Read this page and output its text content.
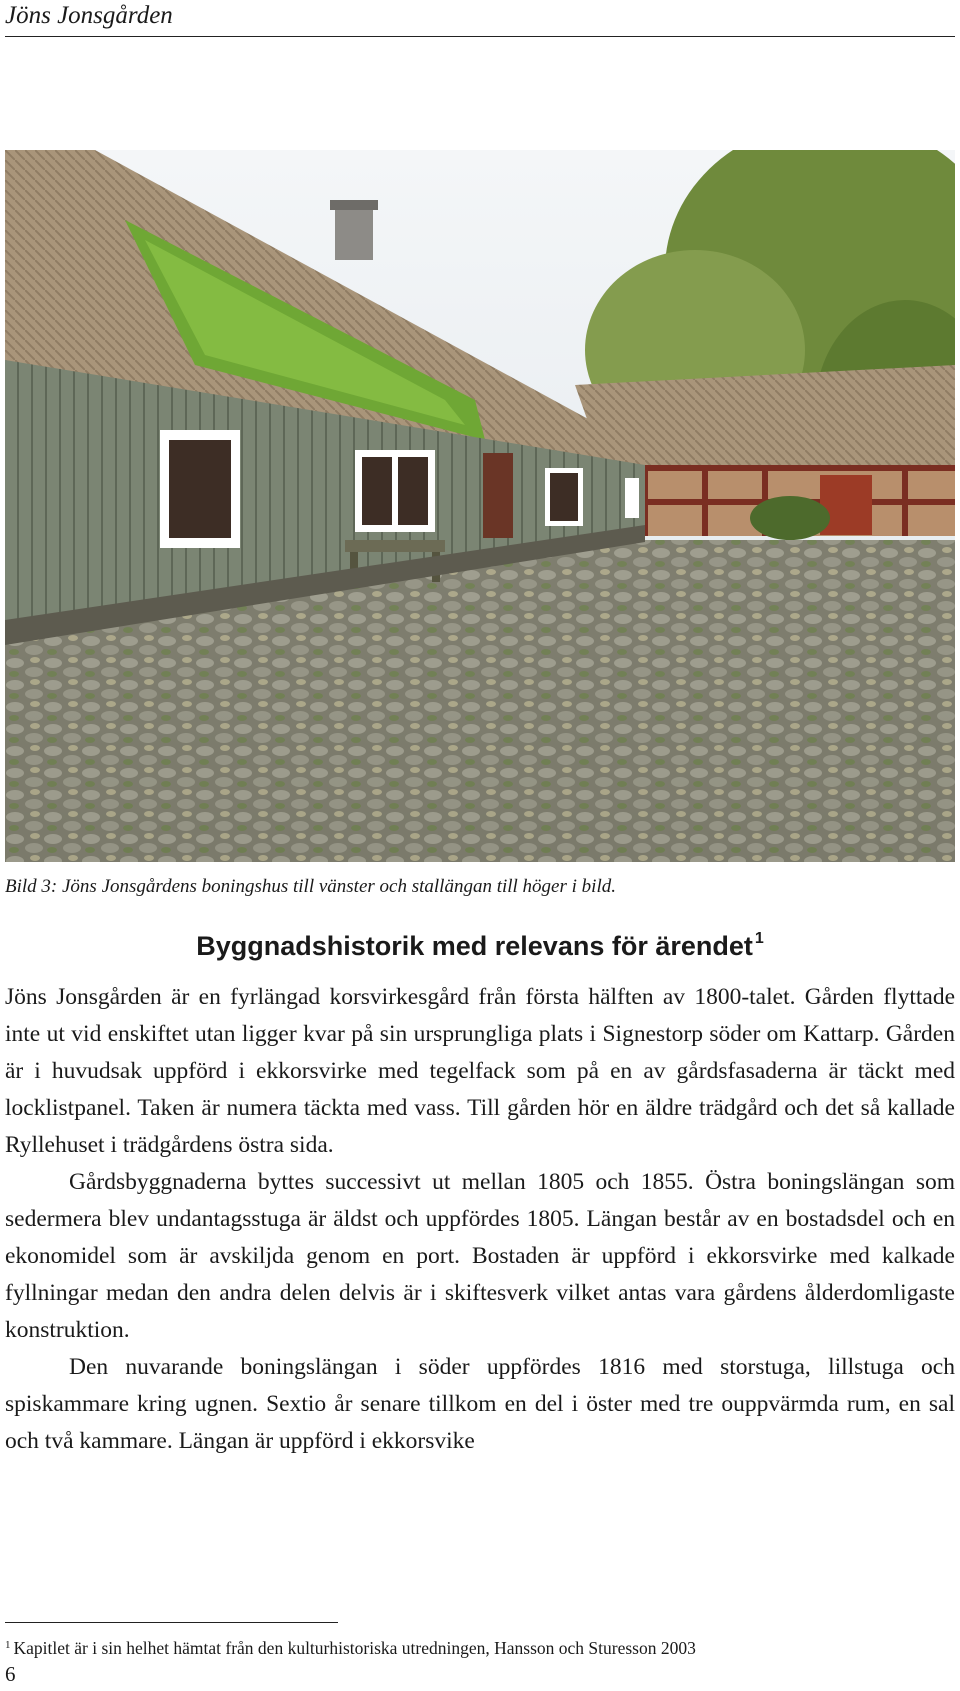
Jöns Jonsgården
Bild 3: Jöns Jonsgårdens boningshus till vänster och stallängan till höger i bild.
Byggnadshistorik med relevans för ärendet $^1$

Jöns Jonsgården är en fyrlängad korsvirkesgård från första hälften av 1800-talet. Gården flyttade inte ut vid enskiftet utan ligger kvar på sin ursprungliga plats i Signestorp söder om Kattarp. Gården är i huvudsak uppförd i ekkorsvirke med tegelfack som på en av gårdsfasaderna är täckt med locklistpanel. Taken är numera täckta med vass. Till gården hör en äldre trädgård och det så kallade Ryllehuset i trädgårdens östra sida.

Gårdsbyggnaderna byttes successivt ut mellan 1805 och 1855. Östra boningslängan som sedermera blev undantagsstuga är äldst och uppfördes 1805. Längan består av en bostadsdel och en ekonomidel som är avskiljda genom en port. Bostaden är uppförd i ekkorsvirke med kalkade fyllningar medan den andra delen delvis är i skiftesverk vilket antas vara gårdens ålderdomligaste konstruktion.

Den nuvarande boningslängan i söder uppfördes 1816 med storstuga, lillstuga och spiskammare kring ugnen. Sextio år senare tillkom en del i öster med tre ouppvärmda rum, en sal och två kammare. Längan är uppförd i ekkorsvike

$^1$ Kapitlet är i sin helhet hämtat från den kulturhistoriska utredningen, Hansson och Sturesson 2003
6
